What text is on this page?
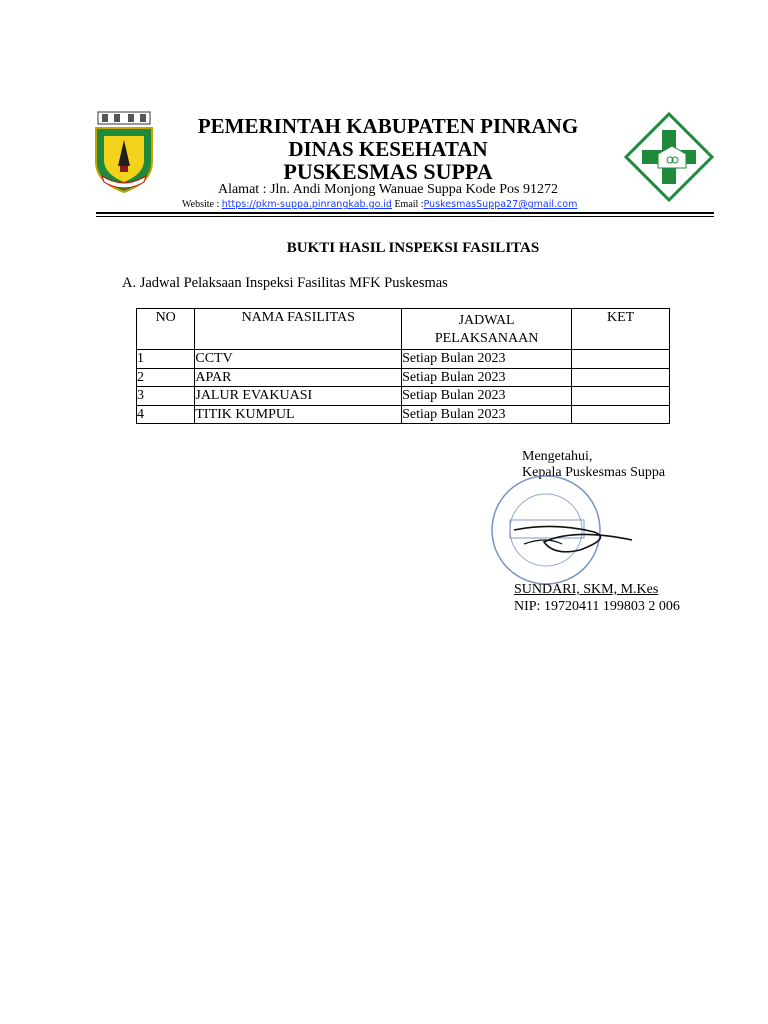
PEMERINTAH KABUPATEN PINRANG
DINAS KESEHATAN
PUSKESMAS SUPPA
Alamat : Jln. Andi Monjong Wanuae Suppa Kode Pos 91272
Website : https://pkm-suppa.pinrangkab.go.id Email :PuskesmasSuppa27@gmail.com
BUKTI HASIL INSPEKSI FASILITAS
A. Jadwal Pelaksaan Inspeksi Fasilitas MFK Puskesmas
NO	NAMA FASILITAS	JADWAL PELAKSANAAN	KET
1	CCTV	Setiap Bulan 2023	
2	APAR	Setiap Bulan 2023	
3	JALUR EVAKUASI	Setiap Bulan 2023	
4	TITIK KUMPUL	Setiap Bulan 2023	
Mengetahui,
Kepala Puskesmas Suppa
SUNDARI, SKM, M.Kes
NIP: 19720411 199803 2 006
